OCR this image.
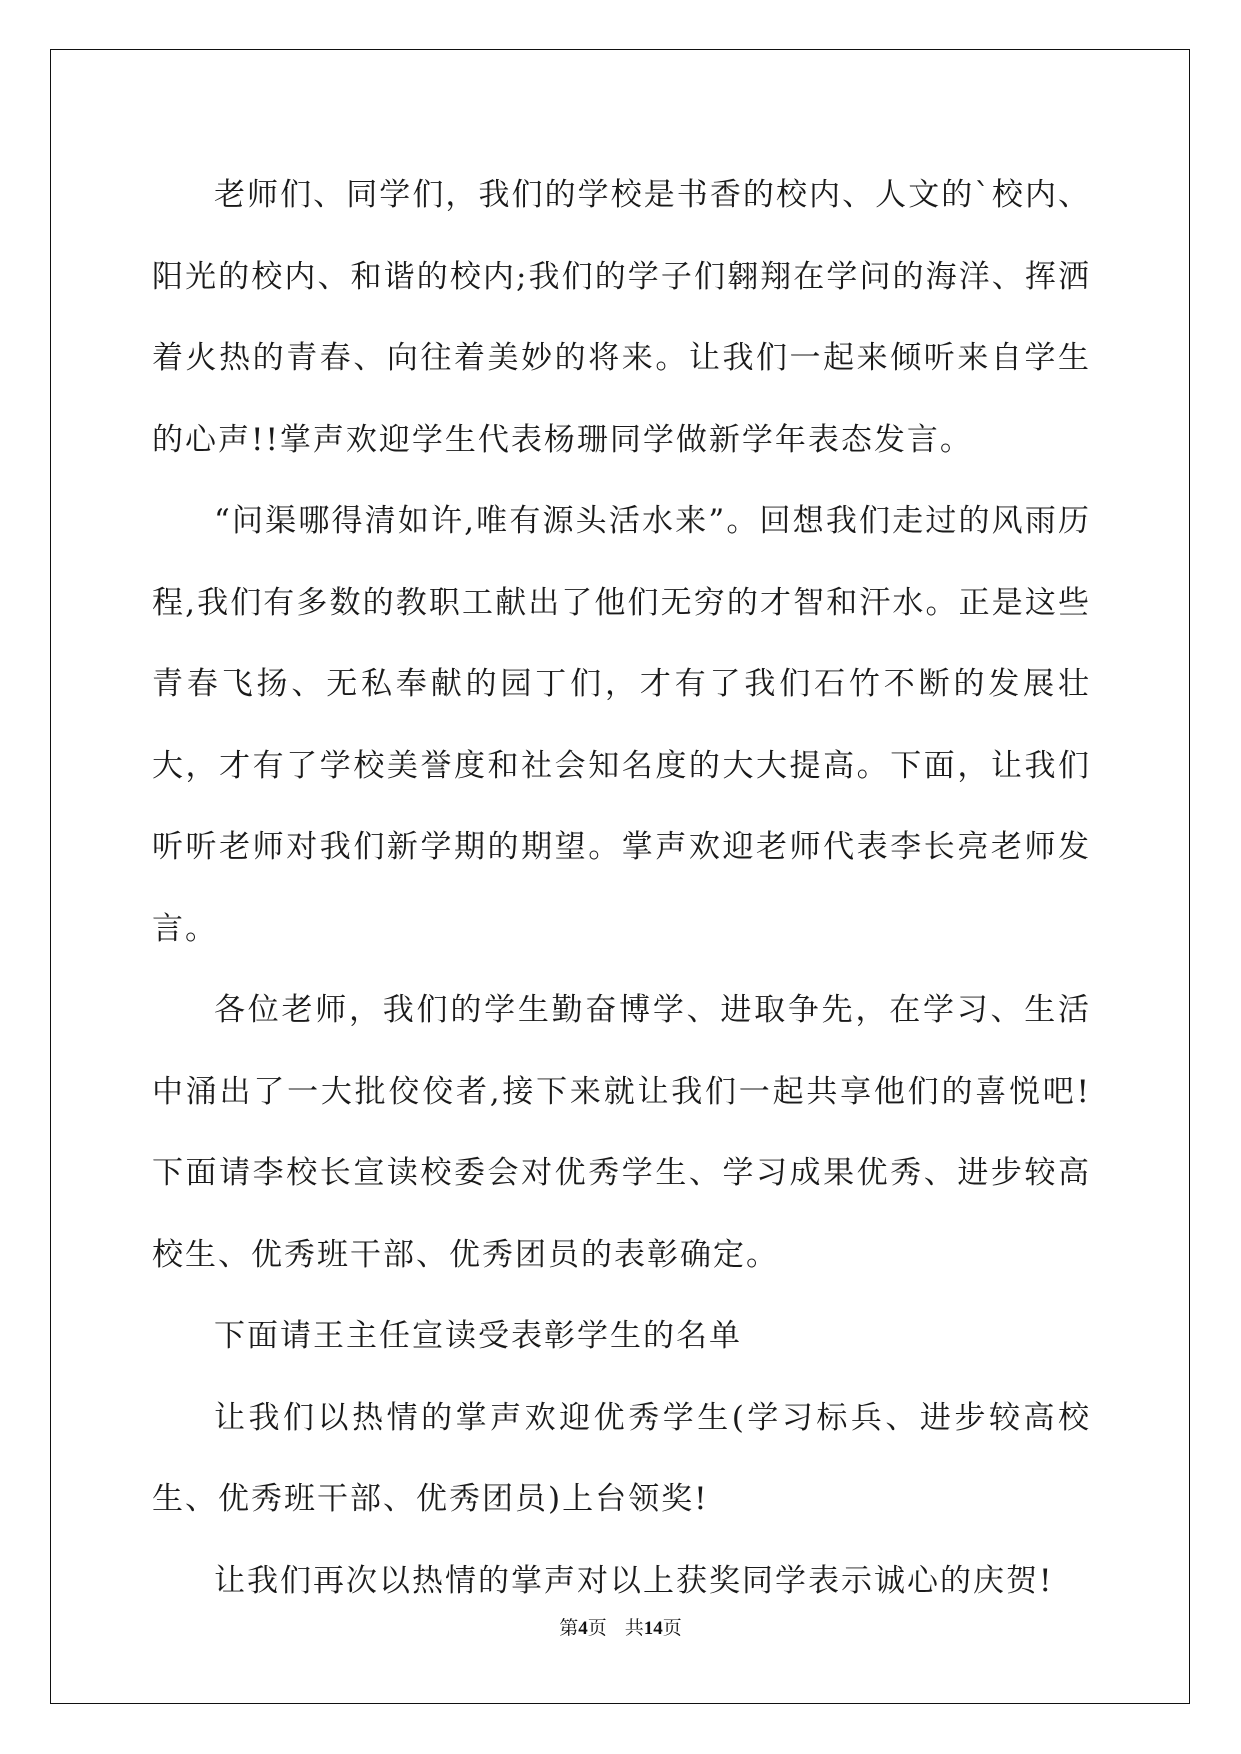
老师们、同学们，我们的学校是书香的校内、人文的`校内、阳光的校内、和谐的校内;我们的学子们翱翔在学问的海洋、挥洒着火热的青春、向往着美妙的将来。让我们一起来倾听来自学生的心声!!掌声欢迎学生代表杨珊同学做新学年表态发言。

“问渠哪得清如许,唯有源头活水来”。回想我们走过的风雨历程,我们有多数的教职工献出了他们无穷的才智和汗水。正是这些青春飞扬、无私奉献的园丁们，才有了我们石竹不断的发展壮大，才有了学校美誉度和社会知名度的大大提高。下面，让我们听听老师对我们新学期的期望。掌声欢迎老师代表李长亮老师发言。

各位老师，我们的学生勤奋博学、进取争先，在学习、生活中涌出了一大批佼佼者,接下来就让我们一起共享他们的喜悦吧!下面请李校长宣读校委会对优秀学生、学习成果优秀、进步较高校生、优秀班干部、优秀团员的表彰确定。

下面请王主任宣读受表彰学生的名单

让我们以热情的掌声欢迎优秀学生(学习标兵、进步较高校生、优秀班干部、优秀团员)上台领奖!

让我们再次以热情的掌声对以上获奖同学表示诚心的庆贺!

第4页 共14页
